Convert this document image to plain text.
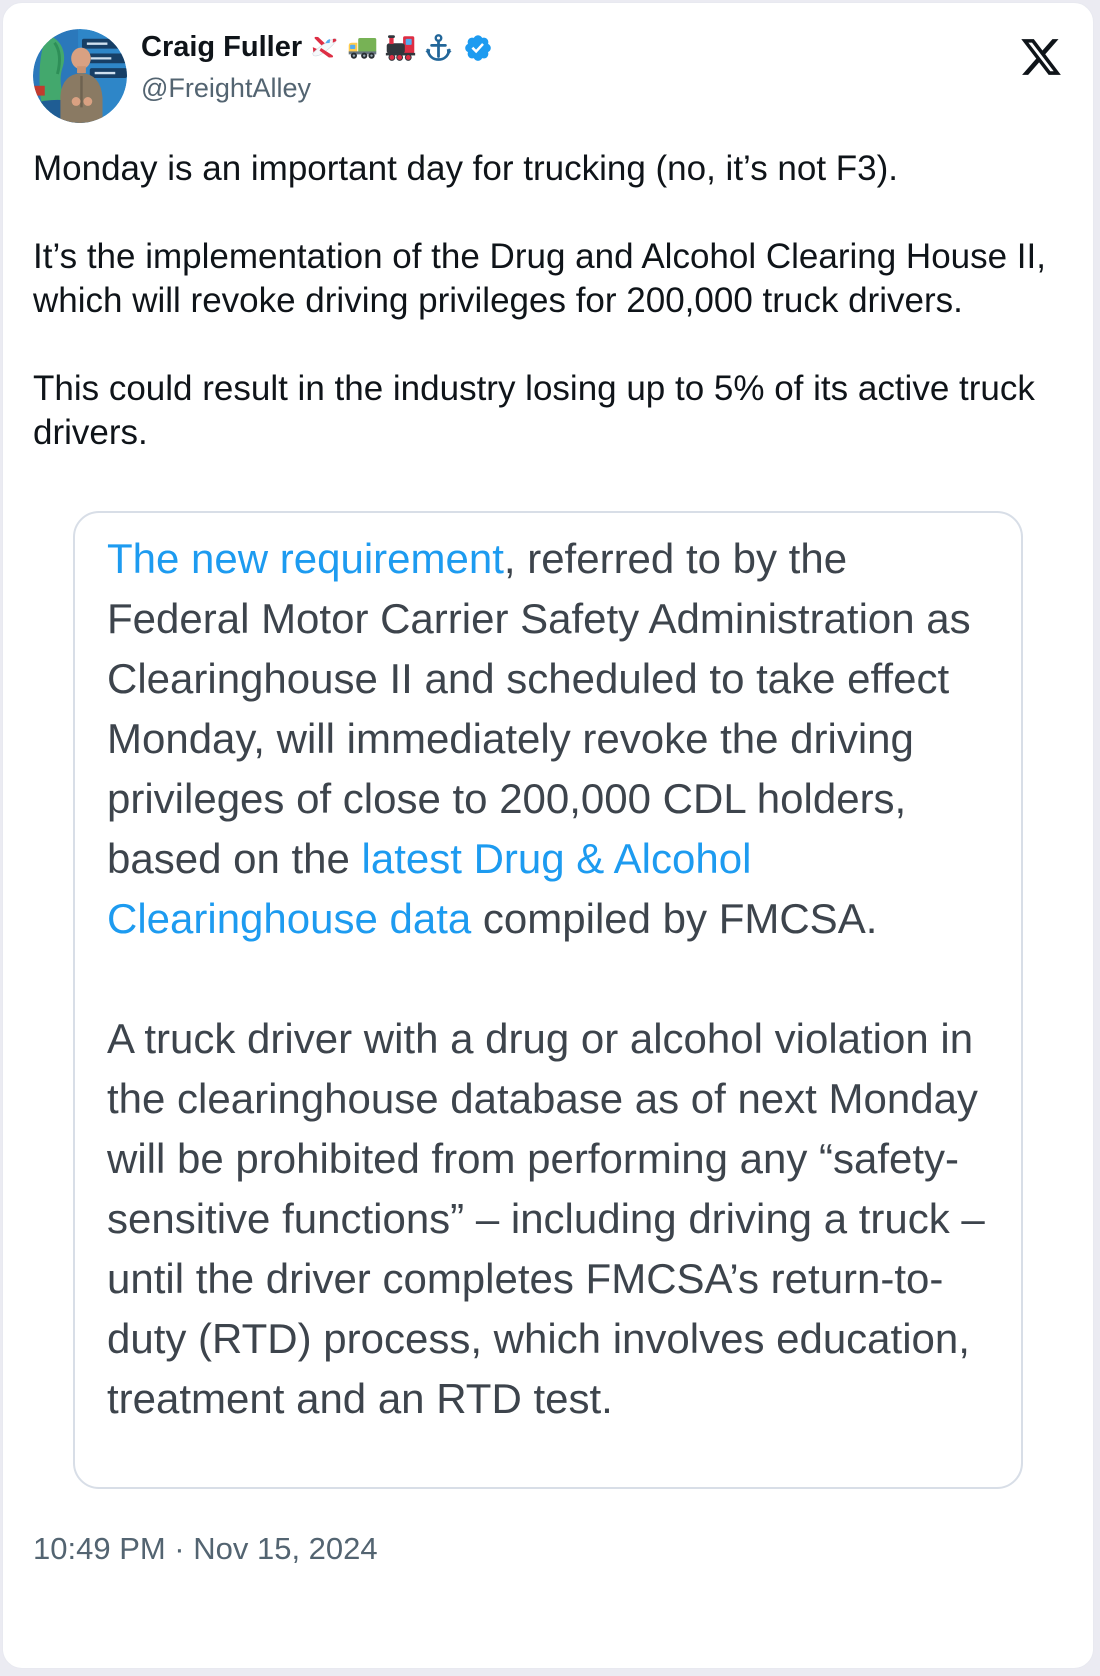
Craig Fuller
@FreightAlley

Monday is an important day for trucking (no, it’s not F3).

It’s the implementation of the Drug and Alcohol Clearing House II, which will revoke driving privileges for 200,000 truck drivers.

This could result in the industry losing up to 5% of its active truck drivers.

The new requirement, referred to by the Federal Motor Carrier Safety Administration as Clearinghouse II and scheduled to take effect Monday, will immediately revoke the driving privileges of close to 200,000 CDL holders, based on the latest Drug & Alcohol Clearinghouse data compiled by FMCSA.

A truck driver with a drug or alcohol violation in the clearinghouse database as of next Monday will be prohibited from performing any “safety-sensitive functions” – including driving a truck – until the driver completes FMCSA’s return-to-duty (RTD) process, which involves education, treatment and an RTD test.

10:49 PM · Nov 15, 2024
